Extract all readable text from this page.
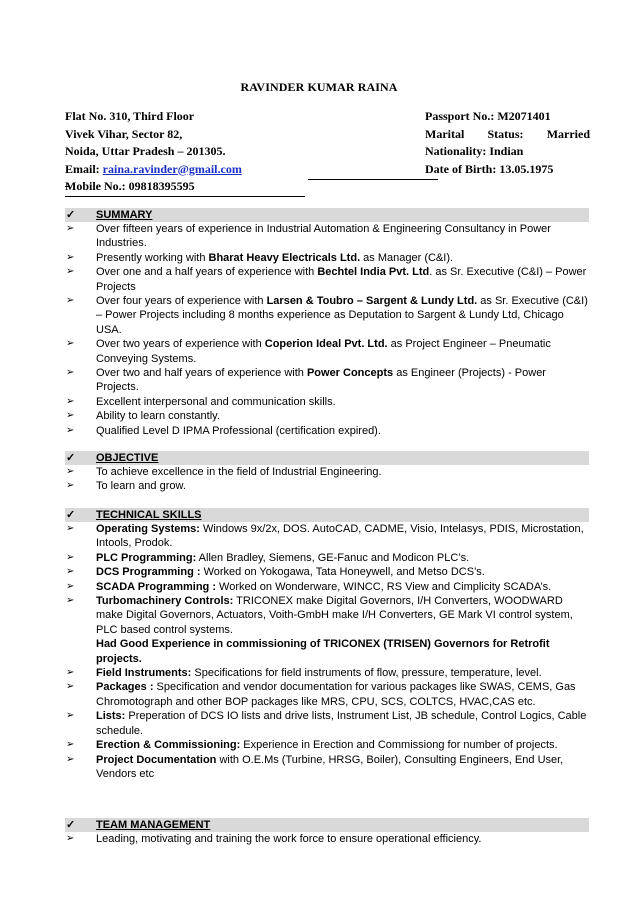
RAVINDER KUMAR RAINA
Flat No. 310, Third Floor
Vivek Vihar, Sector 82,
Noida, Uttar Pradesh – 201305.
Email: raina.ravinder@gmail.com
Mobile No.: 09818395595
Passport No.: M2071401
Marital Status: Married
Nationality: Indian
Date of Birth: 13.05.1975
✓	SUMMARY
➢	Over fifteen years of experience in Industrial Automation & Engineering Consultancy in Power Industries.
➢	Presently working with Bharat Heavy Electricals Ltd. as Manager (C&I).
➢	Over one and a half years of experience with Bechtel India Pvt. Ltd. as Sr. Executive (C&I) – Power Projects
➢	Over four years of experience with Larsen & Toubro – Sargent & Lundy Ltd. as Sr. Executive (C&I) – Power Projects including 8 months experience as Deputation to Sargent & Lundy Ltd, Chicago USA.
➢	Over two years of experience with Coperion Ideal Pvt. Ltd. as Project Engineer – Pneumatic Conveying Systems.
➢	Over two and half years of experience with Power Concepts as Engineer (Projects) - Power Projects.
➢	Excellent interpersonal and communication skills.
➢	Ability to learn constantly.
➢	Qualified Level D IPMA Professional (certification expired).
✓	OBJECTIVE
➢	To achieve excellence in the field of Industrial Engineering.
➢	To learn and grow.
✓	TECHNICAL SKILLS
➢	Operating Systems: Windows 9x/2x, DOS. AutoCAD, CADME, Visio, Intelasys, PDIS, Microstation, Intools, Prodok.
➢	PLC Programming: Allen Bradley, Siemens, GE-Fanuc and Modicon PLC’s.
➢	DCS Programming : Worked on Yokogawa, Tata Honeywell, and Metso DCS’s.
➢	SCADA Programming : Worked on Wonderware, WINCC, RS View and Cimplicity SCADA’s.
➢	Turbomachinery Controls: TRICONEX make Digital Governors, I/H Converters, WOODWARD make Digital Governors, Actuators, Voith-GmbH make I/H Converters, GE Mark VI control system, PLC based control systems.
Had Good Experience in commissioning of TRICONEX (TRISEN) Governors for Retrofit projects.
➢	Field Instruments: Specifications for field instruments of flow, pressure, temperature, level.
➢	Packages : Specification and vendor documentation for various packages like SWAS, CEMS, Gas Chromotograph and other BOP packages like MRS, CPU, SCS, COLTCS, HVAC,CAS etc.
➢	Lists: Preperation of DCS IO lists and drive lists, Instrument List, JB schedule, Control Logics, Cable schedule.
➢	Erection & Commissioning: Experience in Erection and Commissiong for number of projects.
➢	Project Documentation with O.E.Ms (Turbine, HRSG, Boiler), Consulting Engineers, End User, Vendors etc
✓	TEAM MANAGEMENT
➢	Leading, motivating and training the work force to ensure operational efficiency.
